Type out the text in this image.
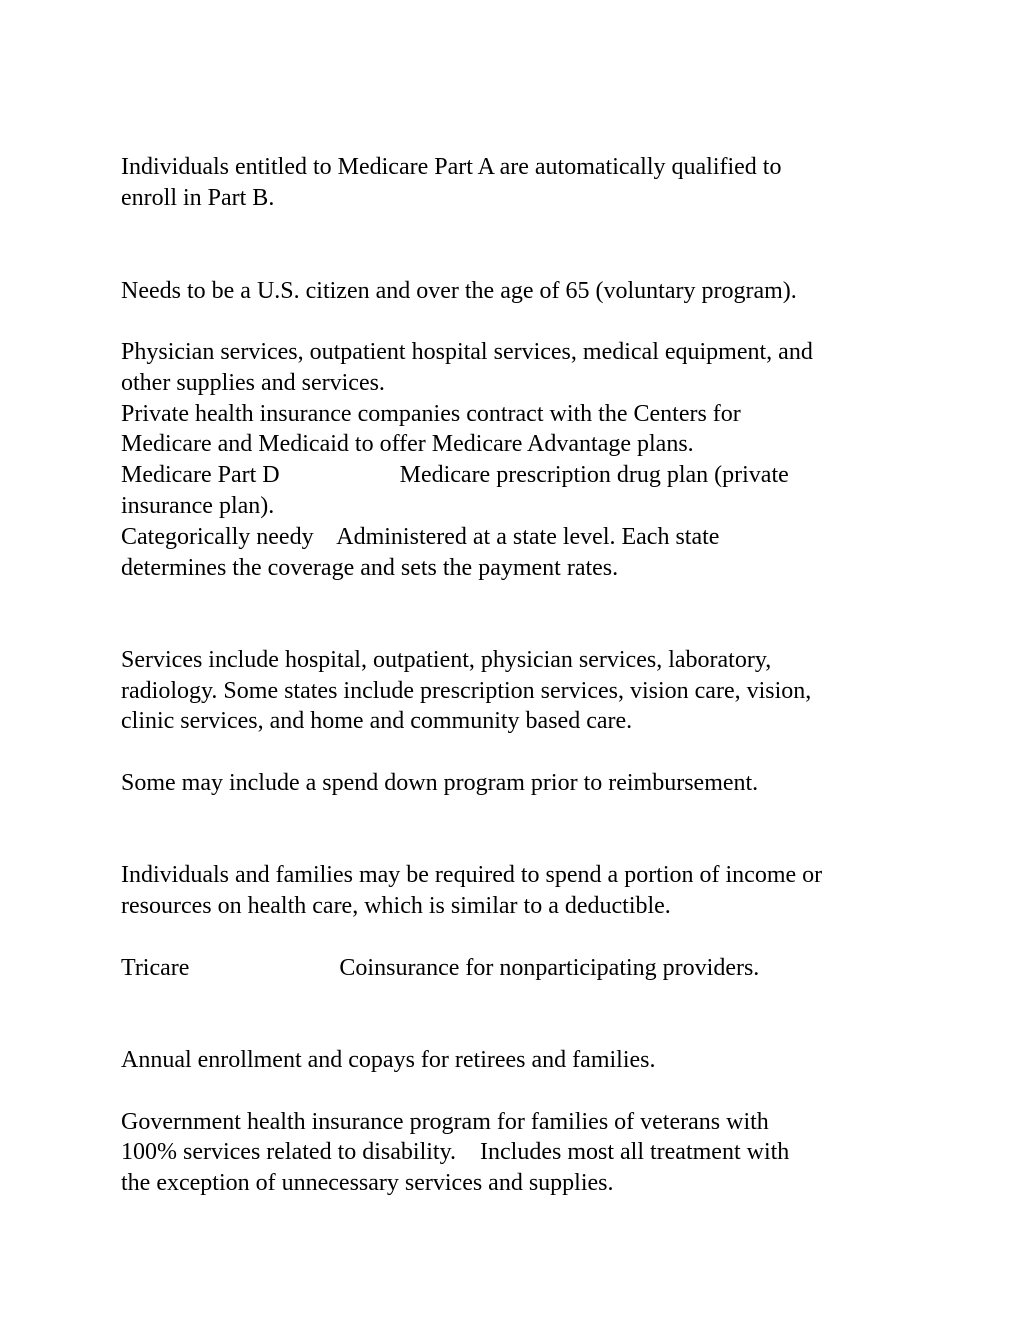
Individuals entitled to Medicare Part A are automatically qualified to

enroll in Part B.

Needs to be a U.S. citizen and over the age of 65 (voluntary program).

Physician services, outpatient hospital services, medical equipment, and

other supplies and services.

Private health insurance companies contract with the Centers for

Medicare and Medicaid to offer Medicare Advantage plans.

Medicare Part D                    Medicare prescription drug plan (private

insurance plan).

Categorically needy    Administered at a state level. Each state

determines the coverage and sets the payment rates.

Services include hospital, outpatient, physician services, laboratory,

radiology. Some states include prescription services, vision care, vision,

clinic services, and home and community based care.

Some may include a spend down program prior to reimbursement.

Individuals and families may be required to spend a portion of income or

resources on health care, which is similar to a deductible.

Tricare                         Coinsurance for nonparticipating providers.

Annual enrollment and copays for retirees and families.

Government health insurance program for families of veterans with

100% services related to disability.    Includes most all treatment with

the exception of unnecessary services and supplies.
